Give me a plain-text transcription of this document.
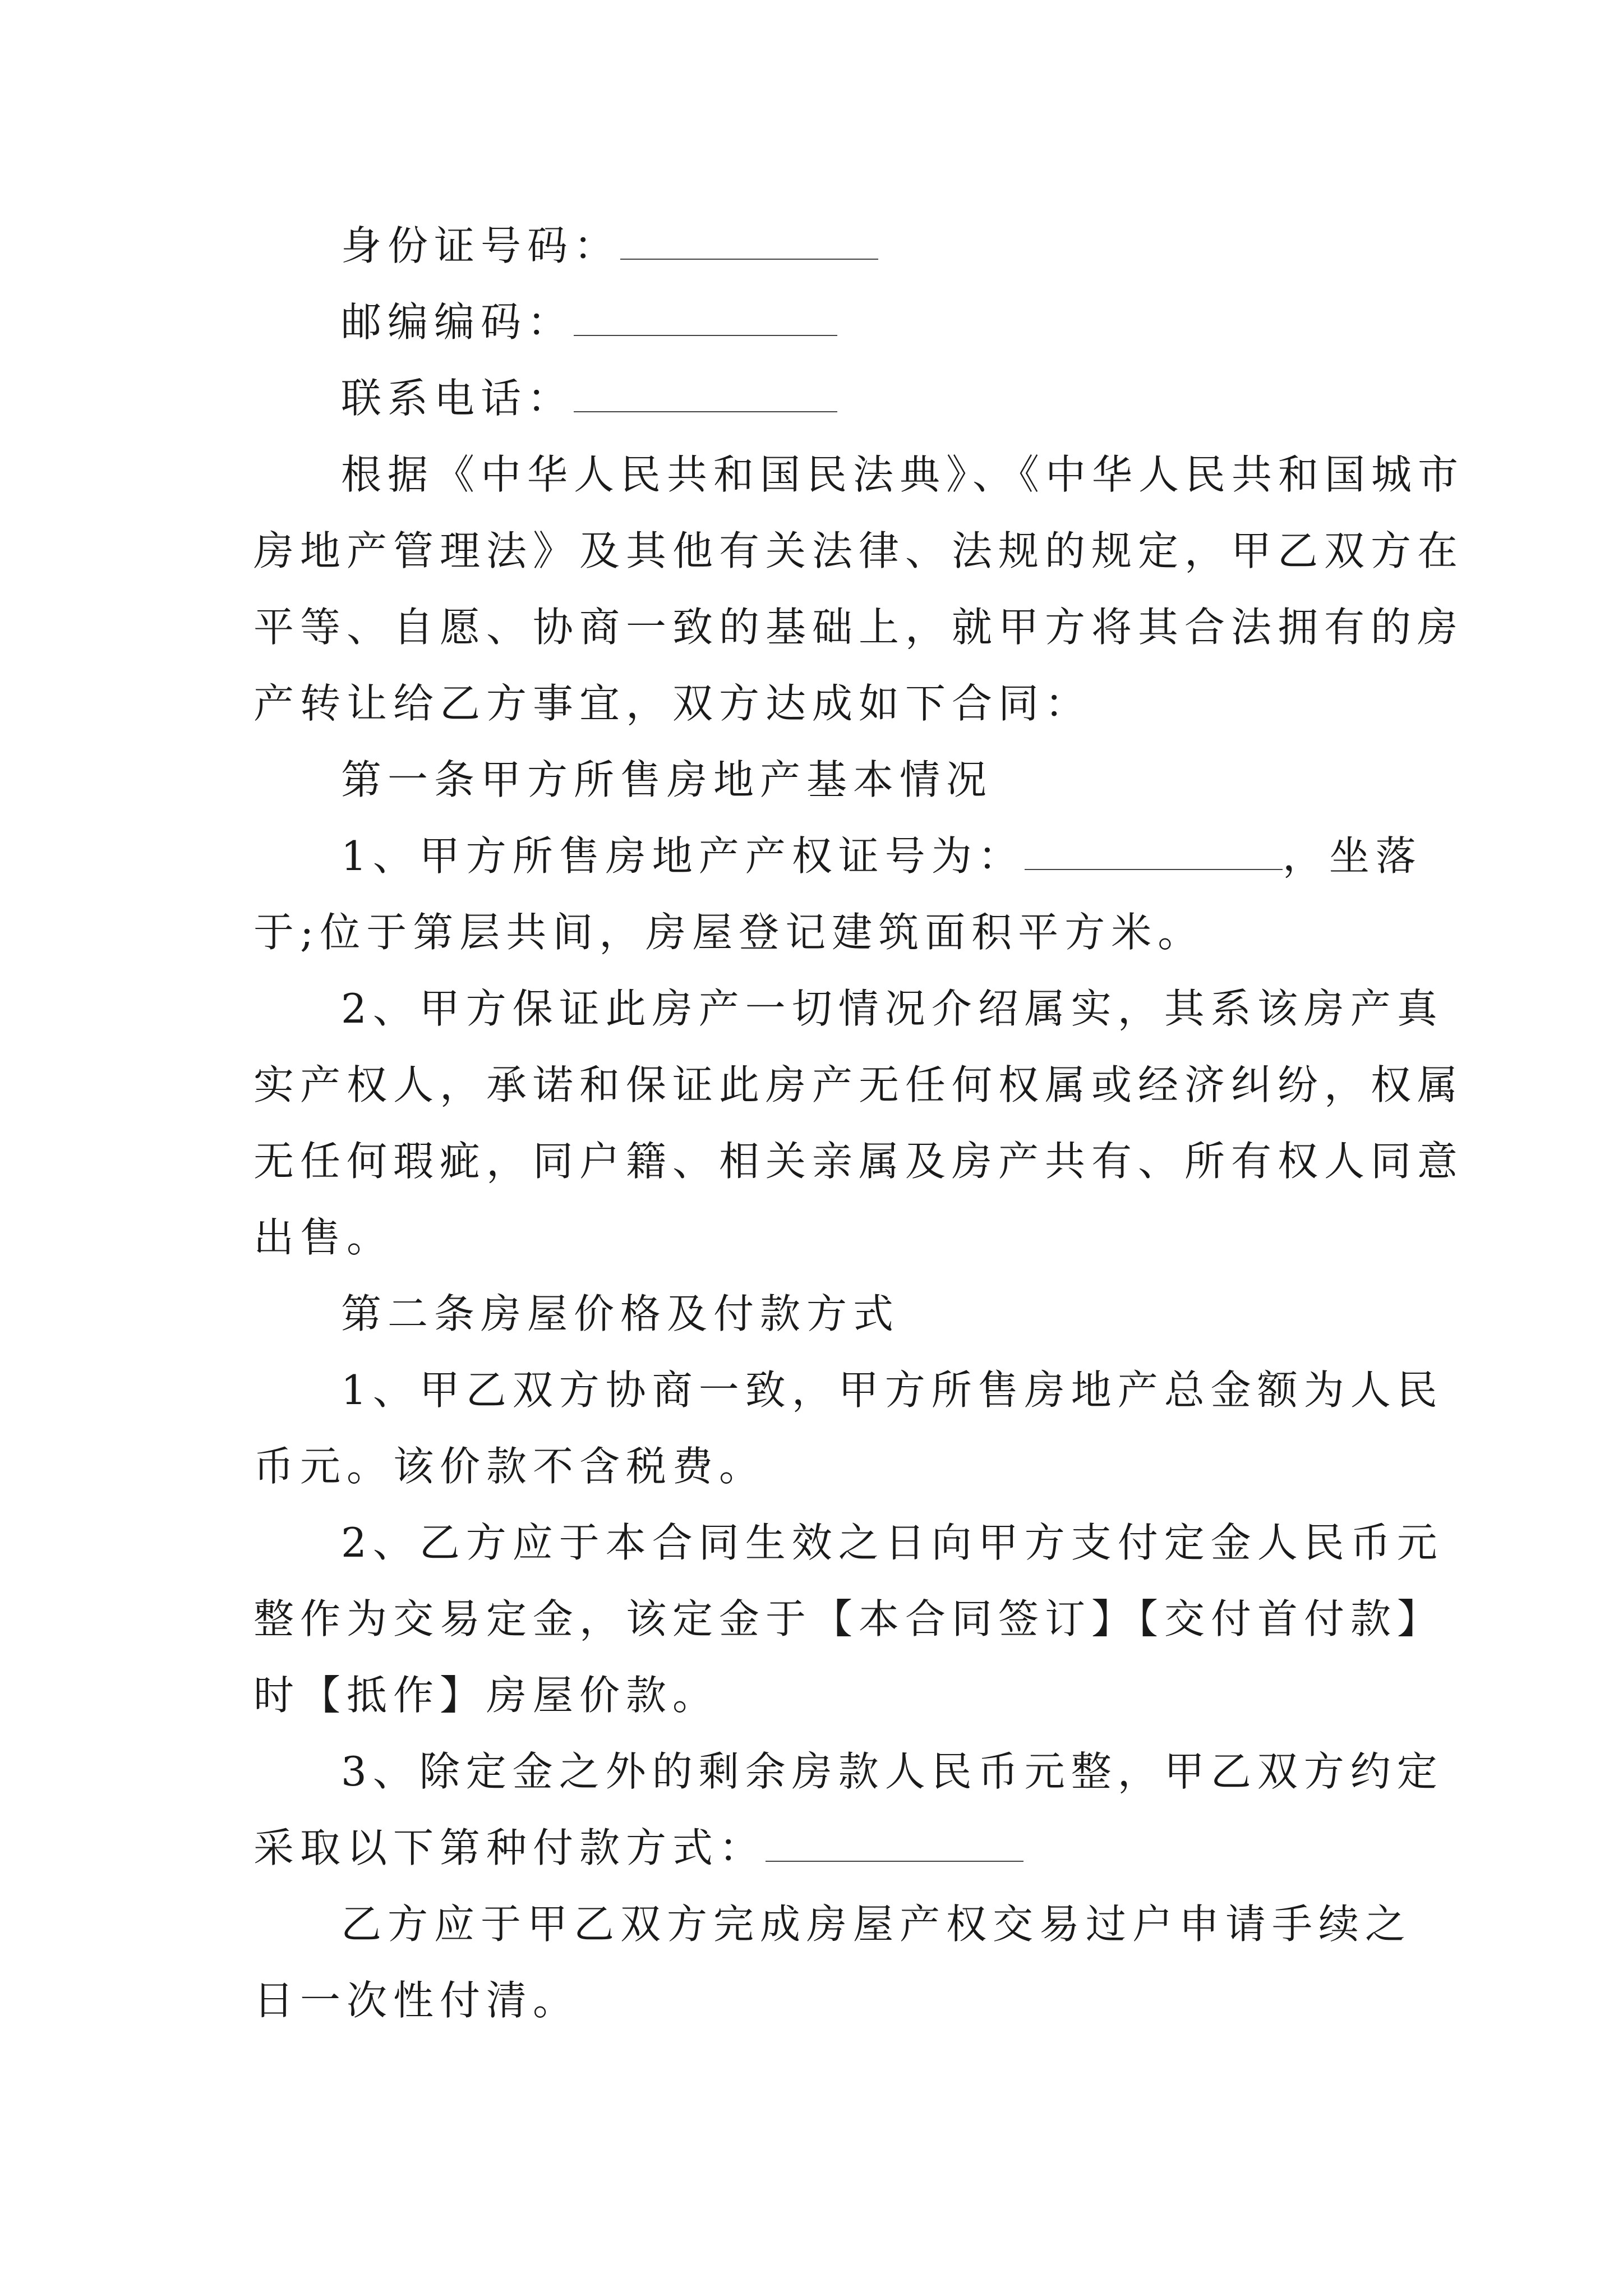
身份证号码：
邮编编码：
联系电话：
根据《中华人民共和国民法典》、《中华人民共和国城市
房地产管理法》及其他有关法律、法规的规定，甲乙双方在
平等、自愿、协商一致的基础上，就甲方将其合法拥有的房
产转让给乙方事宜，双方达成如下合同：
第一条甲方所售房地产基本情况
1、甲方所售房地产产权证号为：	，坐落
于;位于第层共间，房屋登记建筑面积平方米。
2、甲方保证此房产一切情况介绍属实，其系该房产真
实产权人，承诺和保证此房产无任何权属或经济纠纷，权属
无任何瑕疵，同户籍、相关亲属及房产共有、所有权人同意
出售。
第二条房屋价格及付款方式
1、甲乙双方协商一致，甲方所售房地产总金额为人民
币元。该价款不含税费。
2、乙方应于本合同生效之日向甲方支付定金人民币元
整作为交易定金，该定金于【本合同签订】【交付首付款】
时【抵作】房屋价款。
3、除定金之外的剩余房款人民币元整，甲乙双方约定
采取以下第种付款方式：
乙方应于甲乙双方完成房屋产权交易过户申请手续之
日一次性付清。
